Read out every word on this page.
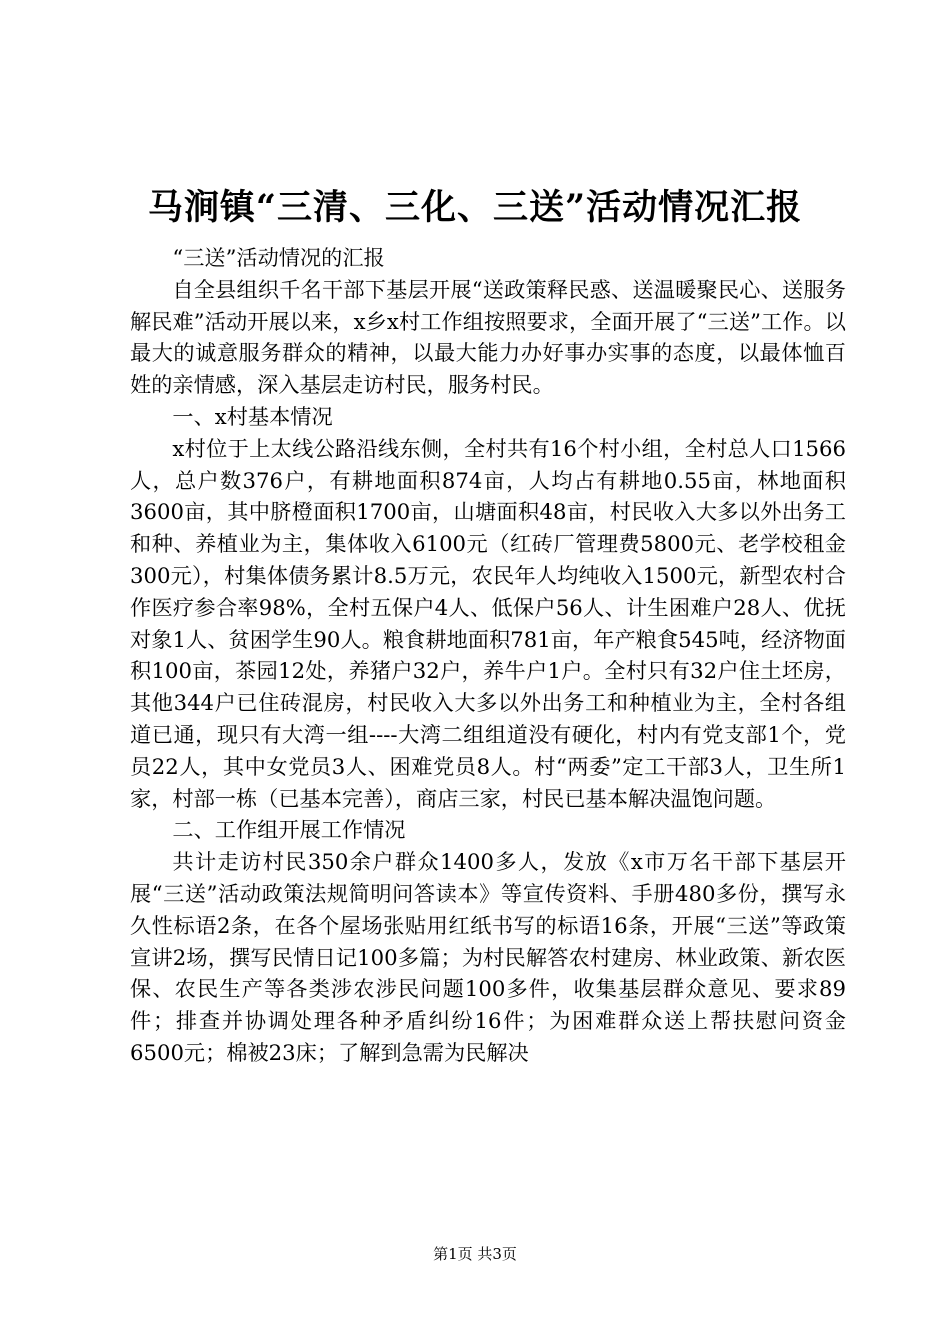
马涧镇“三清、三化、三送”活动情况汇报

“三送”活动情况的汇报

自全县组织千名干部下基层开展“送政策释民惑、送温暖聚民心、送服务解民难”活动开展以来，x乡x村工作组按照要求，全面开展了“三送”工作。以最大的诚意服务群众的精神，以最大能力办好事办实事的态度，以最体恤百姓的亲情感，深入基层走访村民，服务村民。

一、x村基本情况

x村位于上太线公路沿线东侧，全村共有16个村小组，全村总人口1566人，总户数376户，有耕地面积874亩，人均占有耕地0.55亩，林地面积3600亩，其中脐橙面积1700亩，山塘面积48亩，村民收入大多以外出务工和种、养植业为主，集体收入6100元（红砖厂管理费5800元、老学校租金300元），村集体债务累计8.5万元，农民年人均纯收入1500元，新型农村合作医疗参合率98%，全村五保户4人、低保户56人、计生困难户28人、优抚对象1人、贫困学生90人。粮食耕地面积781亩，年产粮食545吨，经济物面积100亩，茶园12处，养猪户32户，养牛户1户。全村只有32户住土坯房，其他344户已住砖混房，村民收入大多以外出务工和种植业为主，全村各组道已通，现只有大湾一组----大湾二组组道没有硬化，村内有党支部1个，党员22人，其中女党员3人、困难党员8人。村“两委”定工干部3人，卫生所1家，村部一栋（已基本完善），商店三家，村民已基本解决温饱问题。

二、工作组开展工作情况

共计走访村民350余户群众1400多人，发放《x市万名干部下基层开展“三送”活动政策法规简明问答读本》等宣传资料、手册480多份，撰写永久性标语2条，在各个屋场张贴用红纸书写的标语16条，开展“三送”等政策宣讲2场，撰写民情日记100多篇；为村民解答农村建房、林业政策、新农医保、农民生产等各类涉农涉民问题100多件，收集基层群众意见、要求89件；排查并协调处理各种矛盾纠纷16件；为困难群众送上帮扶慰问资金6500元；棉被23床；了解到急需为民解决

第1页 共3页
